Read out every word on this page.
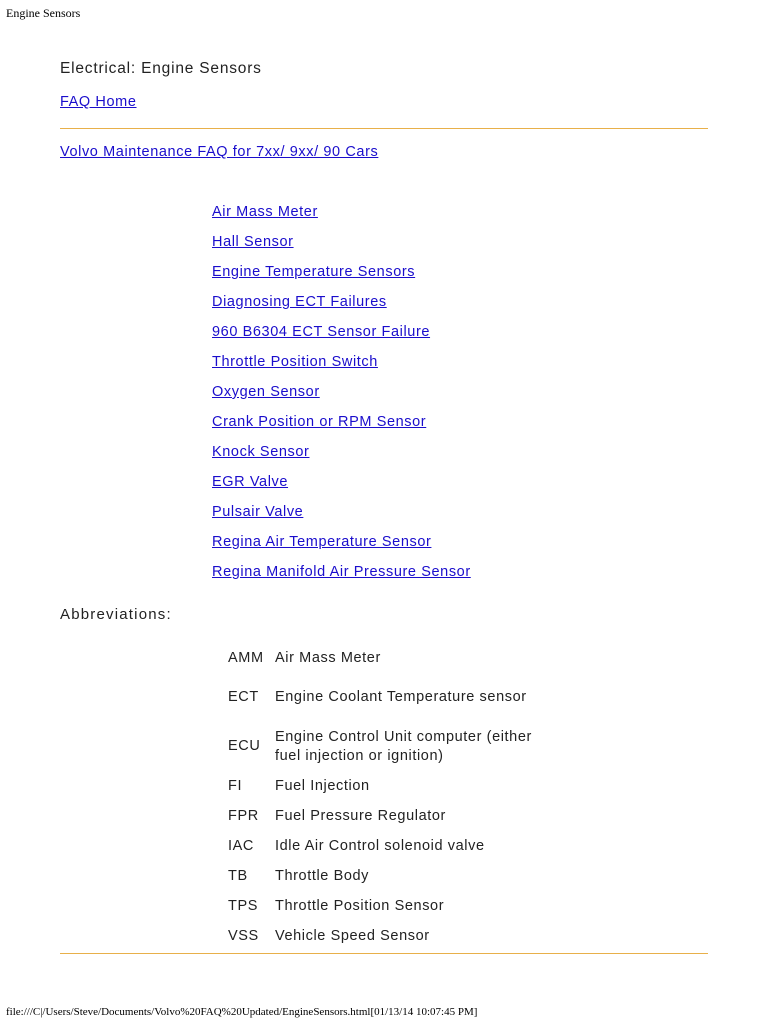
Engine Sensors
Electrical: Engine Sensors
FAQ Home
Volvo Maintenance FAQ for 7xx/ 9xx/ 90 Cars
Air Mass Meter
Hall Sensor
Engine Temperature Sensors
Diagnosing ECT Failures
960 B6304 ECT Sensor Failure
Throttle Position Switch
Oxygen Sensor
Crank Position or RPM Sensor
Knock Sensor
EGR Valve
Pulsair Valve
Regina Air Temperature Sensor
Regina Manifold Air Pressure Sensor
Abbreviations:
AMM	Air Mass Meter
ECT	Engine Coolant Temperature sensor
ECU	Engine Control Unit computer (either fuel injection or ignition)
FI	Fuel Injection
FPR	Fuel Pressure Regulator
IAC	Idle Air Control solenoid valve
TB	Throttle Body
TPS	Throttle Position Sensor
VSS	Vehicle Speed Sensor
file:///C|/Users/Steve/Documents/Volvo%20FAQ%20Updated/EngineSensors.html[01/13/14 10:07:45 PM]
